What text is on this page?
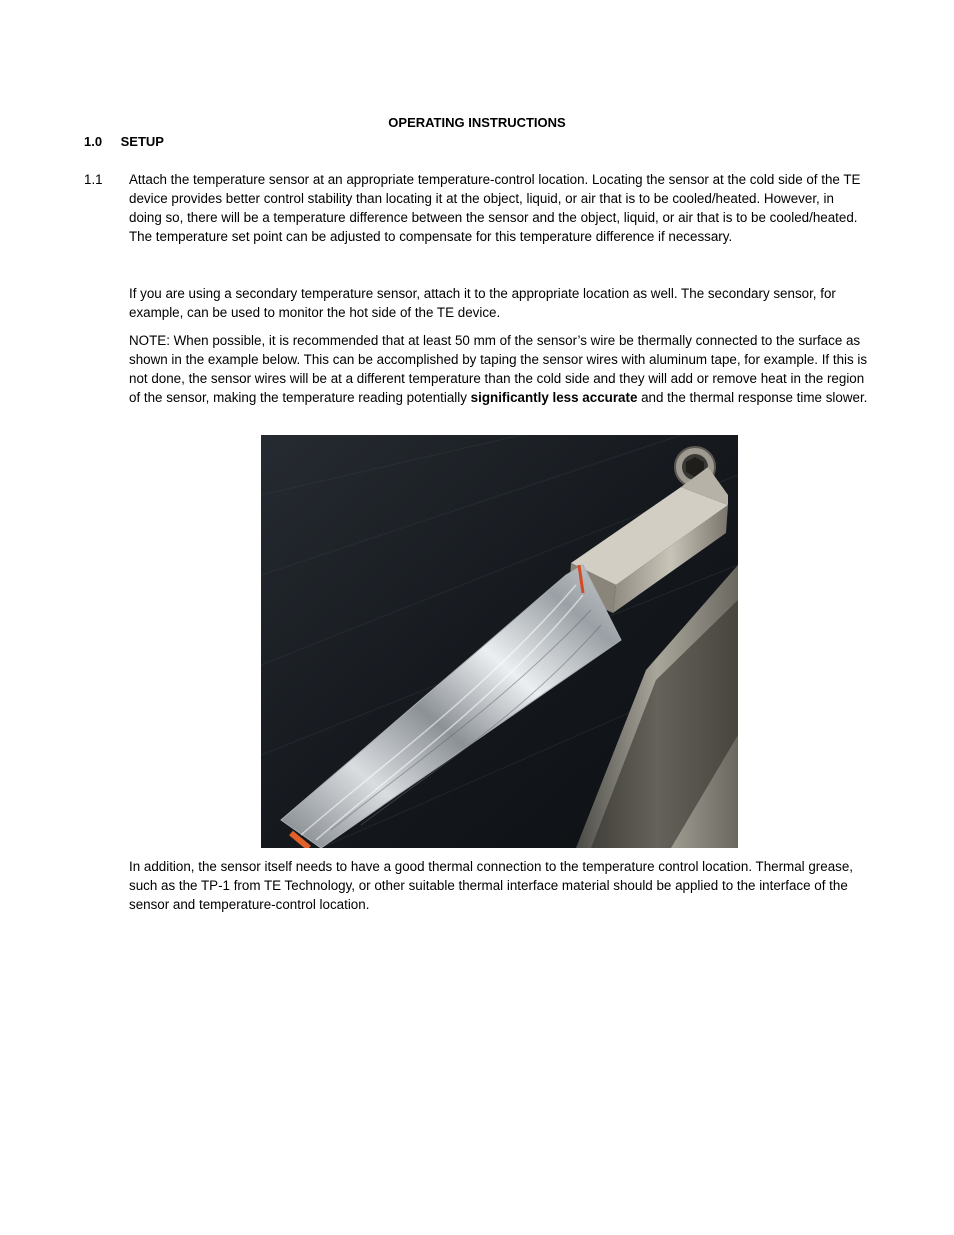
OPERATING INSTRUCTIONS
1.0 SETUP
1.1 Attach the temperature sensor at an appropriate temperature-control location. Locating the sensor at the cold side of the TE device provides better control stability than locating it at the object, liquid, or air that is to be cooled/heated. However, in doing so, there will be a temperature difference between the sensor and the object, liquid, or air that is to be cooled/heated. The temperature set point can be adjusted to compensate for this temperature difference if necessary.
If you are using a secondary temperature sensor, attach it to the appropriate location as well. The secondary sensor, for example, can be used to monitor the hot side of the TE device.
NOTE: When possible, it is recommended that at least 50 mm of the sensor’s wire be thermally connected to the surface as shown in the example below. This can be accomplished by taping the sensor wires with aluminum tape, for example. If this is not done, the sensor wires will be at a different temperature than the cold side and they will add or remove heat in the region of the sensor, making the temperature reading potentially significantly less accurate and the thermal response time slower.
In addition, the sensor itself needs to have a good thermal connection to the temperature control location. Thermal grease, such as the TP-1 from TE Technology, or other suitable thermal interface material should be applied to the interface of the sensor and temperature-control location.
